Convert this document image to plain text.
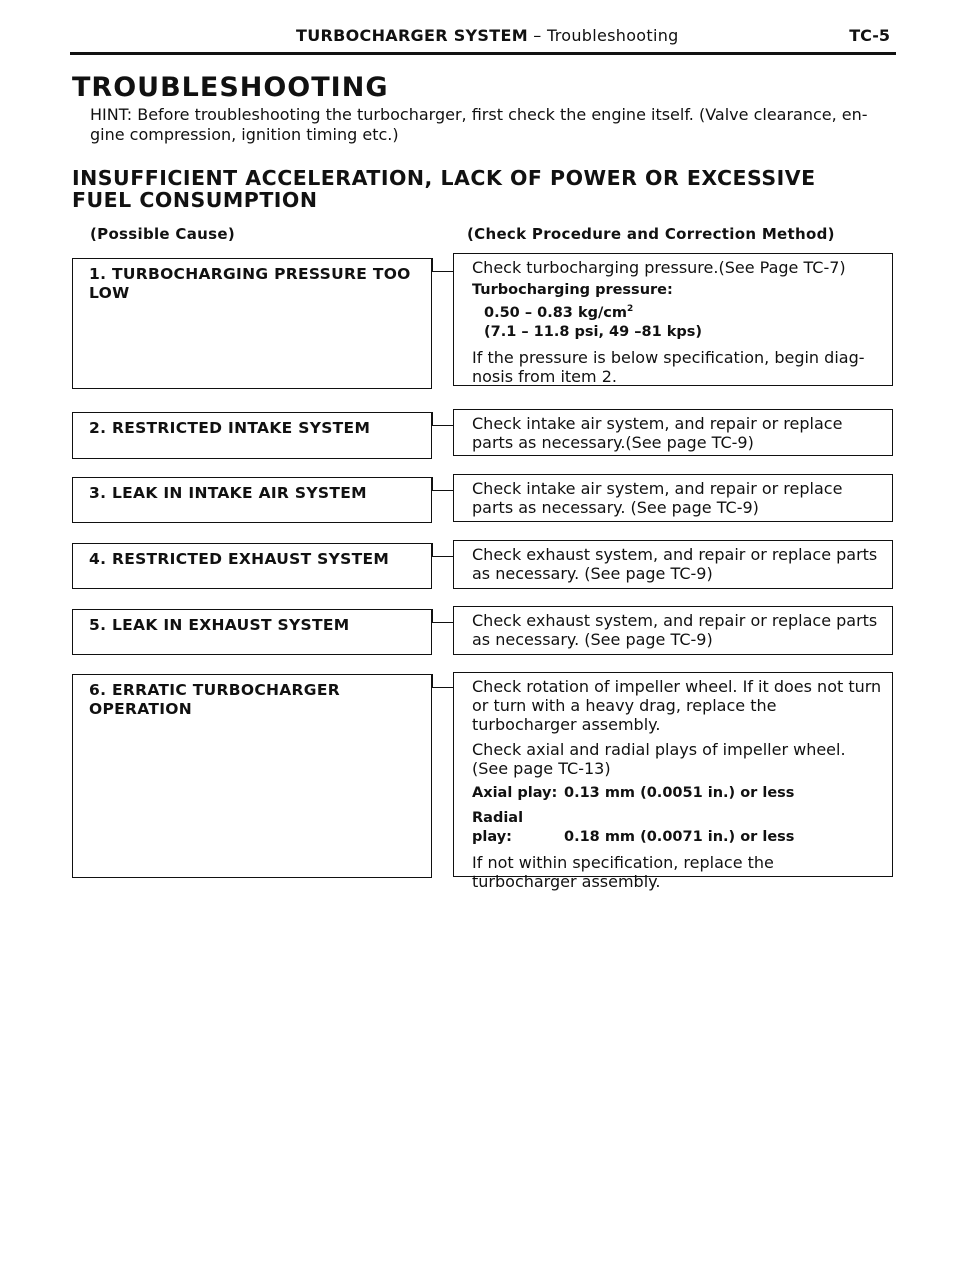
TURBOCHARGER SYSTEM – Troubleshooting	TC-5
TROUBLESHOOTING

HINT: Before troubleshooting the turbocharger, first check the engine itself. (Valve clearance, en-gine compression, ignition timing etc.)

INSUFFICIENT ACCELERATION, LACK OF POWER OR EXCESSIVE FUEL CONSUMPTION
(Possible Cause)	(Check Procedure and Correction Method)
1. TURBOCHARGING PRESSURE TOO LOW

Check turbocharging pressure.(See Page TC-7)

Turbocharging pressure:
0.50 – 0.83 $kg/cm^2$
(7.1 – 11.8 psi, 49 –81 kps)

If the pressure is below specification, begin diag-nosis from item 2.

2. RESTRICTED INTAKE SYSTEM	Check intake air system, and repair or replace parts as necessary.(See page TC-9)

3. LEAK IN INTAKE AIR SYSTEM	Check intake air system, and repair or replace parts as necessary. (See page TC-9)

4. RESTRICTED EXHAUST SYSTEM	Check exhaust system, and repair or replace parts as necessary. (See page TC-9)

5. LEAK IN EXHAUST SYSTEM	Check exhaust system, and repair or replace parts as necessary. (See page TC-9)

6. ERRATIC TURBOCHARGER OPERATION

Check rotation of impeller wheel. If it does not turn or turn with a heavy drag, replace the turbocharger assembly.

Check axial and radial plays of impeller wheel. (See page TC-13)

Axial play: 0.13 mm (0.0051 in.) or less
Radial play:	0.18 mm (0.0071 in.) or less

If not within specification, replace the turbocharger assembly.
